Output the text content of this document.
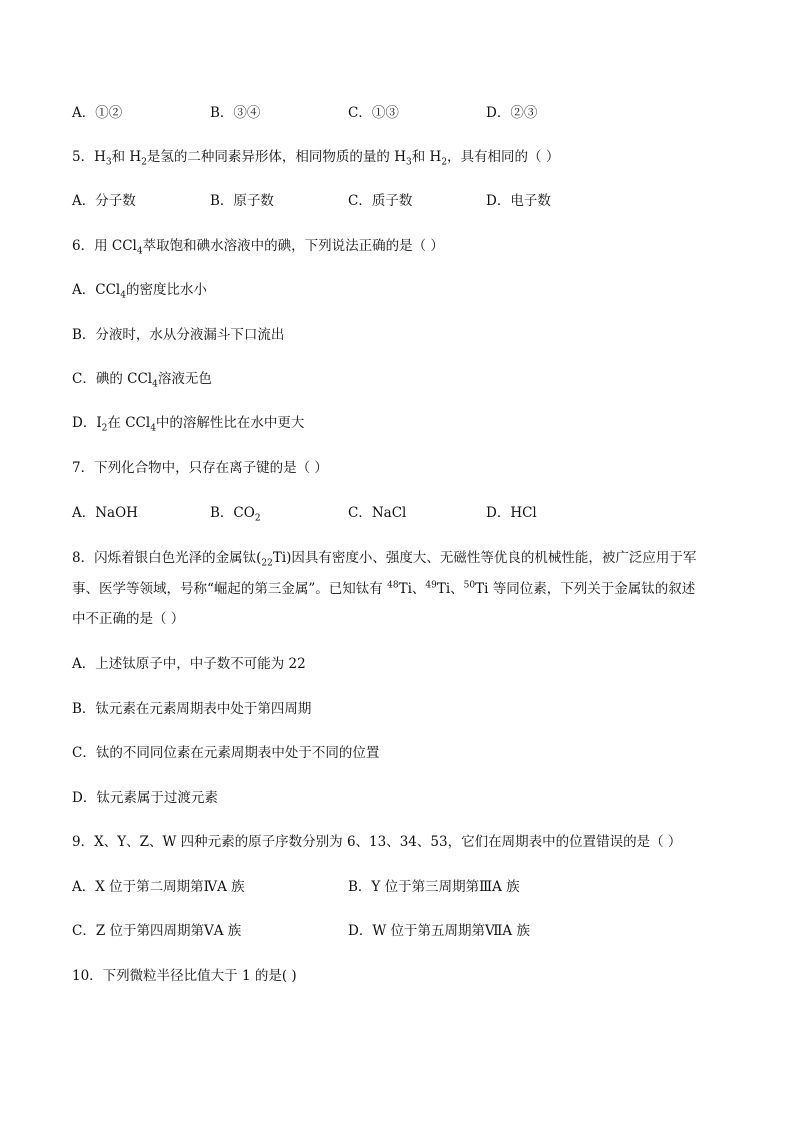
A．①②	B．③④	C．①③	D．②③
5．$H_3$和 $H_2$是氢的二种同素异形体，相同物质的量的 $H_3$和 $H_2$，具有相同的（ ）
A．分子数	B．原子数	C．质子数	D．电子数
6．用 CCl$_4$萃取饱和碘水溶液中的碘，下列说法正确的是（ ）
A．CCl$_4$的密度比水小
B．分液时，水从分液漏斗下口流出
C．碘的 CCl$_4$溶液无色
D．$I_2$在 CCl$_4$中的溶解性比在水中更大
7．下列化合物中，只存在离子键的是（ ）
A．NaOH	B．$CO_2$	C．NaCl	D．HCl
8．闪烁着银白色光泽的金属钛$(_{22}Ti)$因具有密度小、强度大、无磁性等优良的机械性能，被广泛应用于军
事、医学等领域，号称“崛起的第三金属”。已知钛有 $^{48}$Ti、$^{49}$Ti、$^{50}$Ti 等同位素，下列关于金属钛的叙述
中不正确的是（ ）
A．上述钛原子中，中子数不可能为 22
B．钛元素在元素周期表中处于第四周期
C．钛的不同同位素在元素周期表中处于不同的位置
D．钛元素属于过渡元素
9．X、Y、Z、W 四种元素的原子序数分别为 6、13、34、53，它们在周期表中的位置错误的是（ ）
A．X 位于第二周期第ⅣA 族	B．Y 位于第三周期第ⅢA 族
C．Z 位于第四周期第ⅤA 族	D．W 位于第五周期第ⅦA 族
10．下列微粒半径比值大于 1 的是( )
